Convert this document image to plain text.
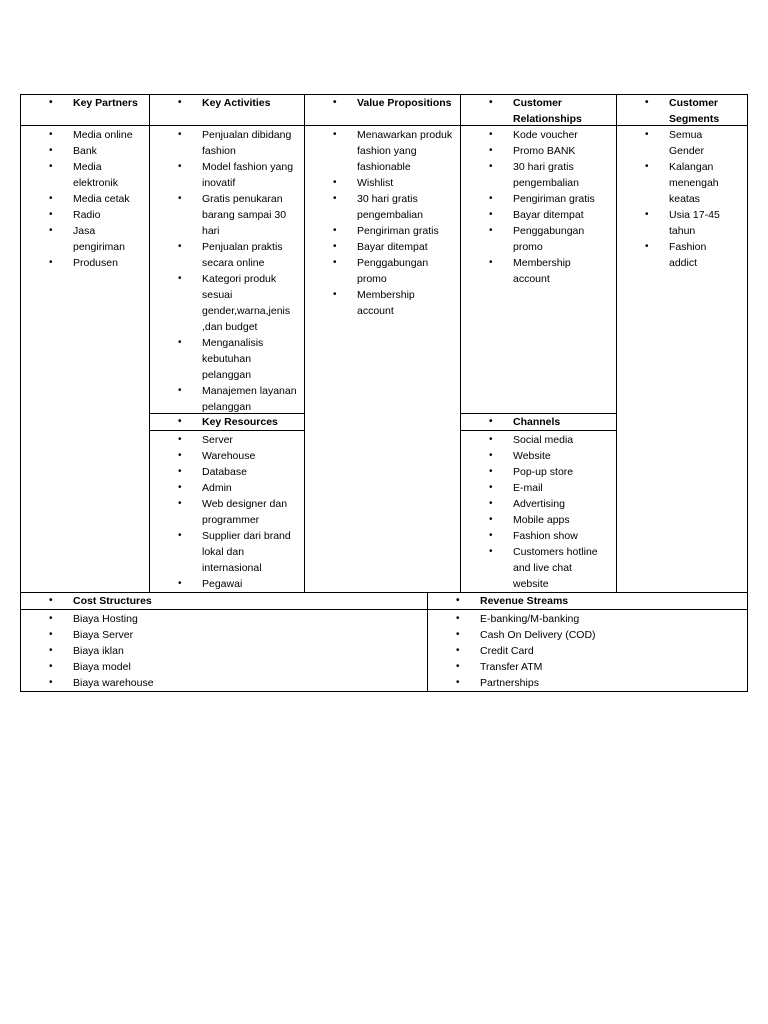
• Key Partners
• Media online
• Bank
• Media elektronik
• Media cetak
• Radio
• Jasa pengiriman
• Produsen
• Key Activities
• Penjualan dibidang fashion
• Model fashion yang inovatif
• Gratis penukaran barang sampai 30 hari
• Penjualan praktis secara online
• Kategori produk sesuai gender,warna,jenis ,dan budget
• Menganalisis kebutuhan pelanggan
• Manajemen layanan pelanggan
• Key Resources
• Server
• Warehouse
• Database
• Admin
• Web designer dan programmer
• Supplier dari brand lokal dan internasional
• Pegawai
• Value Propositions
• Menawarkan produk fashion yang fashionable
• Wishlist
• 30 hari gratis pengembalian
• Pengiriman gratis
• Bayar ditempat
• Penggabungan promo
• Membership account
• Customer Relationships
• Kode voucher
• Promo BANK
• 30 hari gratis pengembalian
• Pengiriman gratis
• Bayar ditempat
• Penggabungan promo
• Membership account
• Channels
• Social media
• Website
• Pop-up store
• E-mail
• Advertising
• Mobile apps
• Fashion show
• Customers hotline and live chat website
• Customer Segments
• Semua Gender
• Kalangan menengah keatas
• Usia 17-45 tahun
• Fashion addict
• Cost Structures
• Biaya Hosting
• Biaya Server
• Biaya iklan
• Biaya model
• Biaya warehouse
• Revenue Streams
• E-banking/M-banking
• Cash On Delivery (COD)
• Credit Card
• Transfer ATM
• Partnerships
